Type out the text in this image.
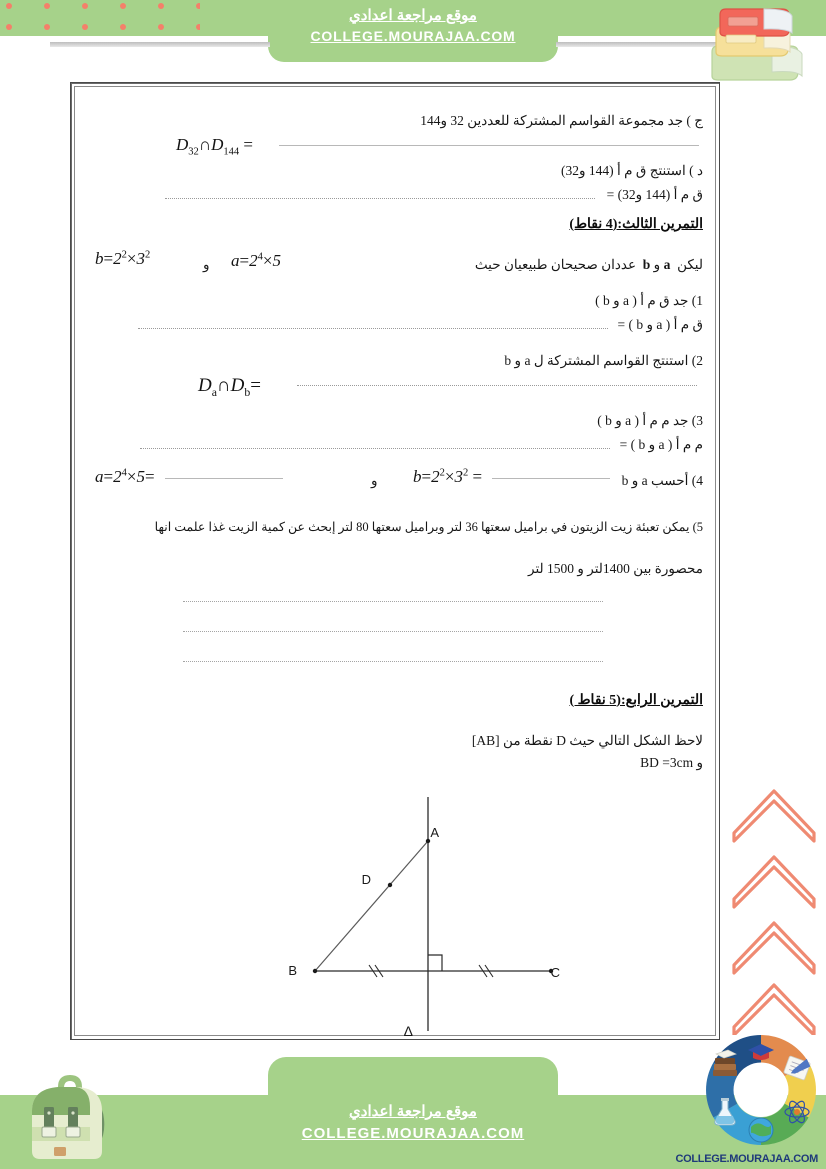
موقع مراجعة اعدادي
COLLEGE.MOURAJAA.COM
ج ) جد مجموعة القواسم المشتركة للعددين 32 و144
$D_{32}\cap D_{144}$ =
د ) استنتج ق م أ (144 و32)
ق م أ (144 و32) =
التمرين الثالث:(4 نقاط)
ليكن  a و b  عددان صحيحان طبيعيان حيث
$a=2^4\times 5$
و
$b=2^2\times 3^2$
1) جد ق م أ ( a و b )
ق م أ ( a و b ) =
2) استنتج القواسم المشتركة ل a و b
$D_a\cap D_b=$
3) جد م م أ ( a و b )
م م أ ( a و b ) =
4) أحسب a و b
$b=2^2\times 3^2$ =
و
$a=2^4\times 5=$
5) يمكن تعبئة زيت الزيتون في براميل سعتها 36 لتر وبراميل سعتها 80 لتر إبحث عن كمية الزيت غذا علمت انها
محصورة بين 1400لتر و 1500 لتر
التمرين الرابع:(5 نقاط )
لاحظ الشكل التالي حيث D نقطة من [AB]
و BD =3cm
A
B	C
D
Δ
موقع مراجعة اعدادي
COLLEGE.MOURAJAA.COM
COLLEGE.MOURAJAA.COM
